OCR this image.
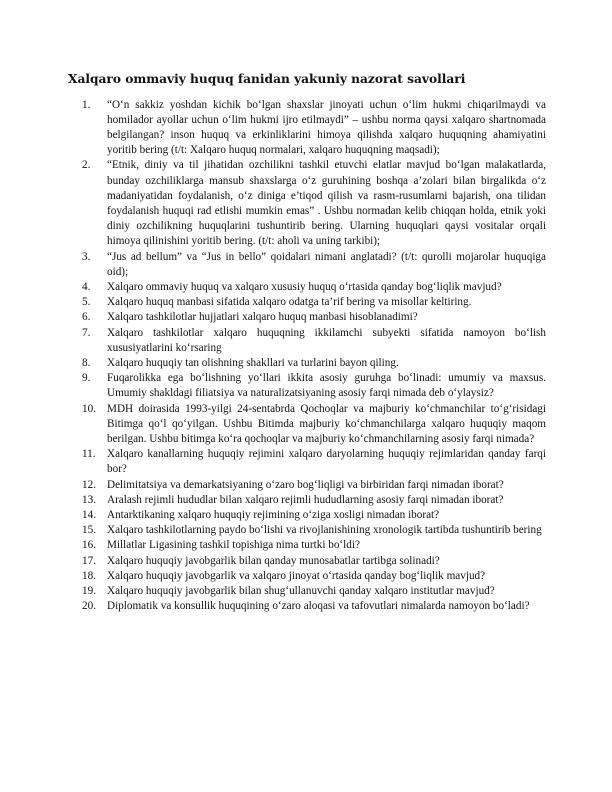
Xalqaro ommaviy huquq fanidan yakuniy nazorat savollari
1.	“O‘n sakkiz yoshdan kichik bo‘lgan shaxslar jinoyati uchun o‘lim hukmi chiqarilmaydi va homilador ayollar uchun o‘lim hukmi ijro etilmaydi” – ushbu norma qaysi xalqaro shartnomada belgilangan? inson huquq va erkinliklarini himoya qilishda xalqaro huquqning ahamiyatini yoritib bering (t/t: Xalqaro huquq normalari, xalqaro huquqning maqsadi);
2.	“Etnik, diniy va til jihatidan ozchilikni tashkil etuvchi elatlar mavjud bo‘lgan malakatlarda, bunday ozchiliklarga mansub shaxslarga o‘z guruhining boshqa a’zolari bilan birgalikda o‘z madaniyatidan foydalanish, o‘z diniga e’tiqod qilish va rasm-rusumlarni bajarish, ona tilidan foydalanish huquqi rad etlishi mumkin emas” . Ushbu normadan kelib chiqqan holda, etnik yoki diniy ozchilikning huquqlarini tushuntirib bering. Ularning huquqlari qaysi vositalar orqali himoya qilinishini yoritib bering. (t/t: aholi va uning tarkibi);
3.	“Jus ad bellum” va “Jus in bello” qoidalari nimani anglatadi? (t/t: qurolli mojarolar huquqiga oid);
4.	Xalqaro ommaviy huquq va xalqaro xususiy huquq o‘rtasida qanday bog‘liqlik mavjud?
5.	Xalqaro huquq manbasi sifatida xalqaro odatga ta’rif bering va misollar keltiring.
6.	Xalqaro tashkilotlar hujjatlari xalqaro huquq manbasi hisoblanadimi?
7.	Xalqaro tashkilotlar xalqaro huquqning ikkilamchi subyekti sifatida namoyon bo‘lish xususiyatlarini ko‘rsaring
8.	Xalqaro huquqiy tan olishning shakllari va turlarini bayon qiling.
9.	Fuqarolikka ega bo‘lishning yo‘llari ikkita asosiy guruhga bo‘linadi: umumiy va maxsus. Umumiy shakldagi filiatsiya va naturalizatsiyaning asosiy farqi nimada deb o‘ylaysiz?
10. MDH doirasida 1993-yilgi 24-sentabrda Qochoqlar va majburiy ko‘chmanchilar to‘g‘risidagi Bitimga qo‘l qo‘yilgan. Ushbu Bitimda majburiy ko‘chmanchilarga xalqaro huquqiy maqom berilgan. Ushbu bitimga ko‘ra qochoqlar va majburiy ko‘chmanchilarning asosiy farqi nimada?
11.	Xalqaro kanallarning huquqiy rejimini xalqaro daryolarning huquqiy rejimlaridan qanday farqi bor?
12. Delimitatsiya va demarkatsiyaning o‘zaro bog‘liqligi va birbiridan farqi nimadan iborat?
13. Aralash rejimli hududlar bilan xalqaro rejimli hududlarning asosiy farqi nimadan iborat?
14. Antarktikaning xalqaro huquqiy rejimining o‘ziga xosligi nimadan iborat?
15. Xalqaro tashkilotlarning paydo bo‘lishi va rivojlanishining xronologik tartibda tushuntirib bering
16. Millatlar Ligasining tashkil topishiga nima turtki bo‘ldi?
17. Xalqaro huquqiy javobgarlik bilan qanday munosabatlar tartibga solinadi?
18. Xalqaro huquqiy javobgarlik va xalqaro jinoyat o‘rtasida qanday bog‘liqlik mavjud?
19. Xalqaro huquqiy javobgarlik bilan shug‘ullanuvchi qanday xalqaro institutlar mavjud?
20. Diplomatik va konsullik huquqining o‘zaro aloqasi va tafovutlari nimalarda namoyon bo‘ladi?
